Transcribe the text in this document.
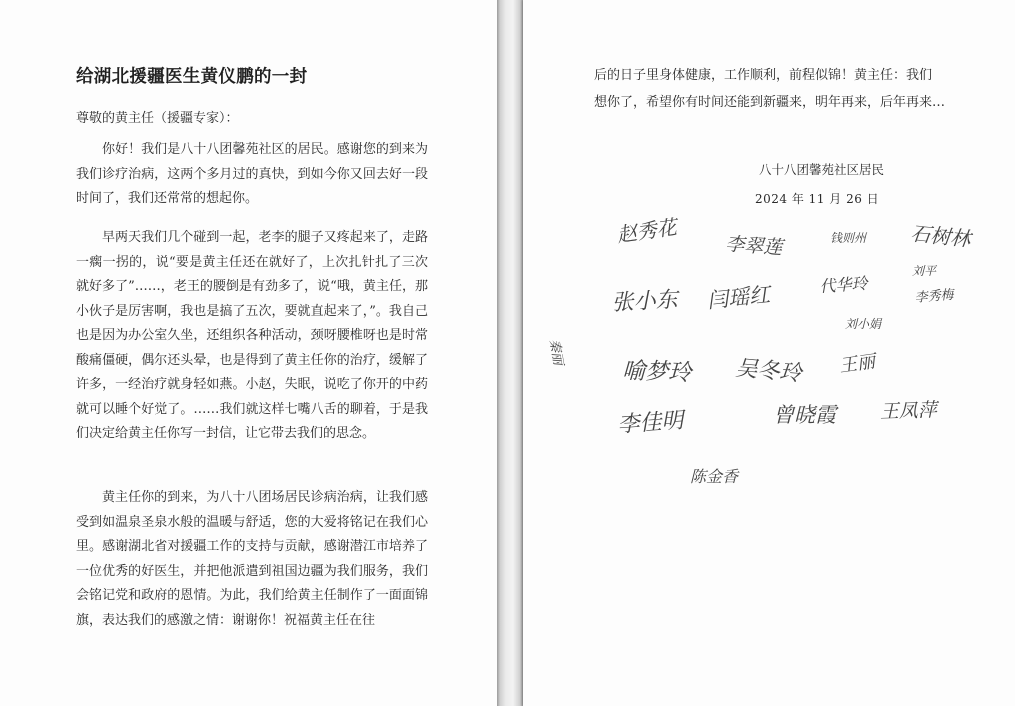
给湖北援疆医生黄仪鹏的一封
尊敬的黄主任（援疆专家）：

你好！我们是八十八团馨苑社区的居民。感谢您的到来为我们诊疗治病，这两个多月过的真快，到如今你又回去好一段时间了，我们还常常的想起你。

早两天我们几个碰到一起，老李的腿子又疼起来了，走路一瘸一拐的，说“要是黄主任还在就好了，上次扎针扎了三次就好多了”……，老王的腰倒是有劲多了，说“哦，黄主任，那小伙子是厉害啊，我也是搞了五次，要就直起来了，”。我自己也是因为办公室久坐，还组织各种活动，颈呀腰椎呀也是时常酸痛僵硬，偶尔还头晕，也是得到了黄主任你的治疗，缓解了许多，一经治疗就身轻如燕。小赵，失眠，说吃了你开的中药就可以睡个好觉了。……我们就这样七嘴八舌的聊着，于是我们决定给黄主任你写一封信，让它带去我们的思念。

黄主任你的到来，为八十八团场居民诊病治病，让我们感受到如温泉圣泉水般的温暖与舒适，您的大爱将铭记在我们心里。感谢湖北省对援疆工作的支持与贡献，感谢潜江市培养了一位优秀的好医生，并把他派遣到祖国边疆为我们服务，我们会铭记党和政府的恩情。为此，我们给黄主任制作了一面面锦旗，表达我们的感激之情：谢谢你！祝福黄主任在往

后的日子里身体健康，工作顺利，前程似锦！黄主任：我们
想你了，希望你有时间还能到新疆来，明年再来，后年再来…
八十八团馨苑社区居民
2024 年 11 月 26 日
赵秀花 李翠莲	钱则州 石树林
张小东 闫瑶红	代华玲
刘平
刘小娟
李秀梅
秦丽
喻梦玲 吴冬玲 王丽
李佳明	曾晓霞 王凤萍
陈金香
